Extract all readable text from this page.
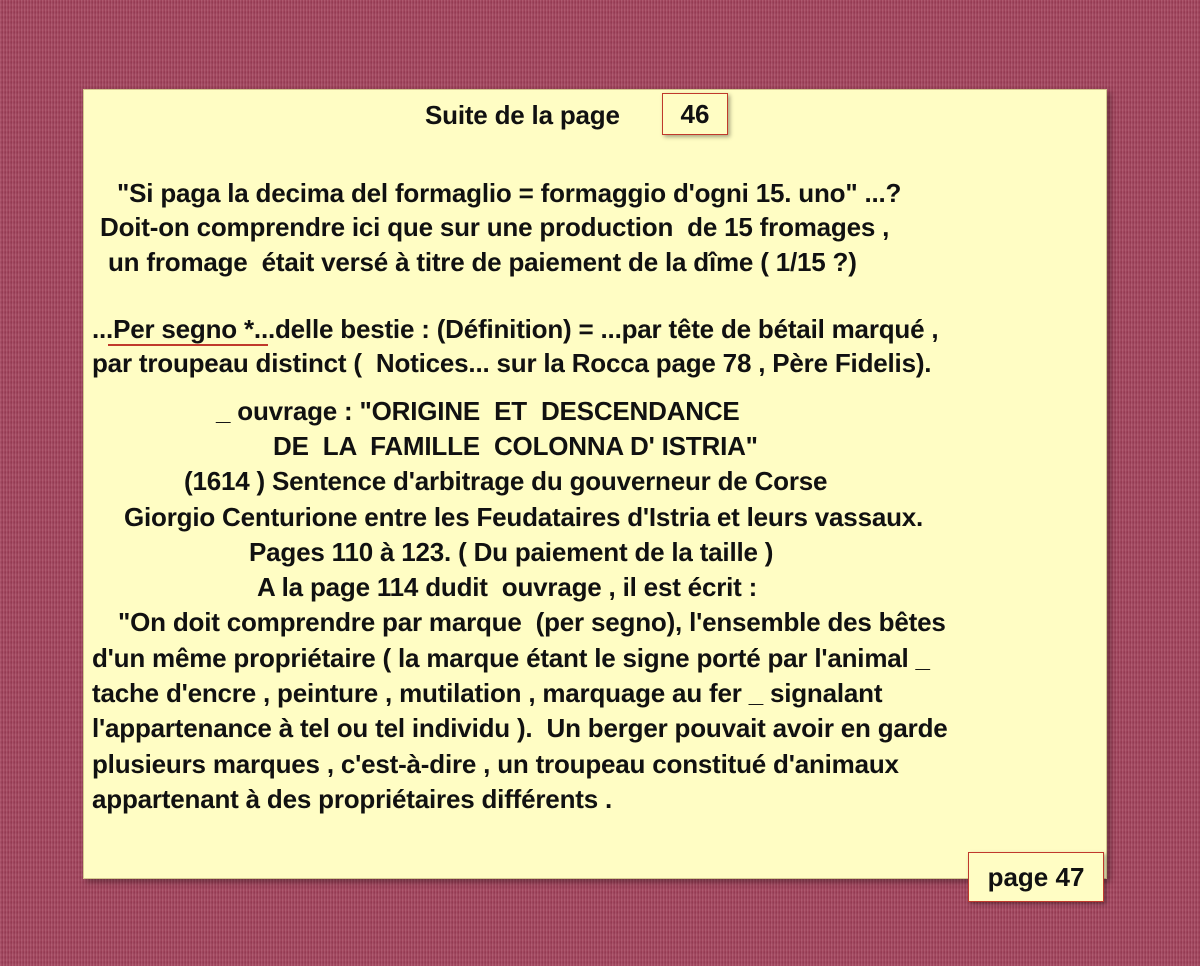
Suite de la page	46
"Si paga la decima del formaglio = formaggio d'ogni 15. uno" ...?
Doit-on comprendre ici que sur une production  de 15 fromages ,
un fromage  était versé à titre de paiement de la dîme ( 1/15 ?)
...Per segno *...delle bestie : (Définition) = ...par tête de bétail marqué ,
par troupeau distinct (  Notices... sur la Rocca page 78 , Père Fidelis).
_ ouvrage : "ORIGINE  ET  DESCENDANCE
DE  LA  FAMILLE  COLONNA D' ISTRIA"
(1614 ) Sentence d'arbitrage du gouverneur de Corse
Giorgio Centurione entre les Feudataires d'Istria et leurs vassaux.
Pages 110 à 123. ( Du paiement de la taille )
A la page 114 dudit  ouvrage , il est écrit :
"On doit comprendre par marque  (per segno), l'ensemble des bêtes
d'un même propriétaire ( la marque étant le signe porté par l'animal _
tache d'encre , peinture , mutilation , marquage au fer _ signalant
l'appartenance à tel ou tel individu ).  Un berger pouvait avoir en garde
plusieurs marques , c'est-à-dire , un troupeau constitué d'animaux
appartenant à des propriétaires différents .
page 47
